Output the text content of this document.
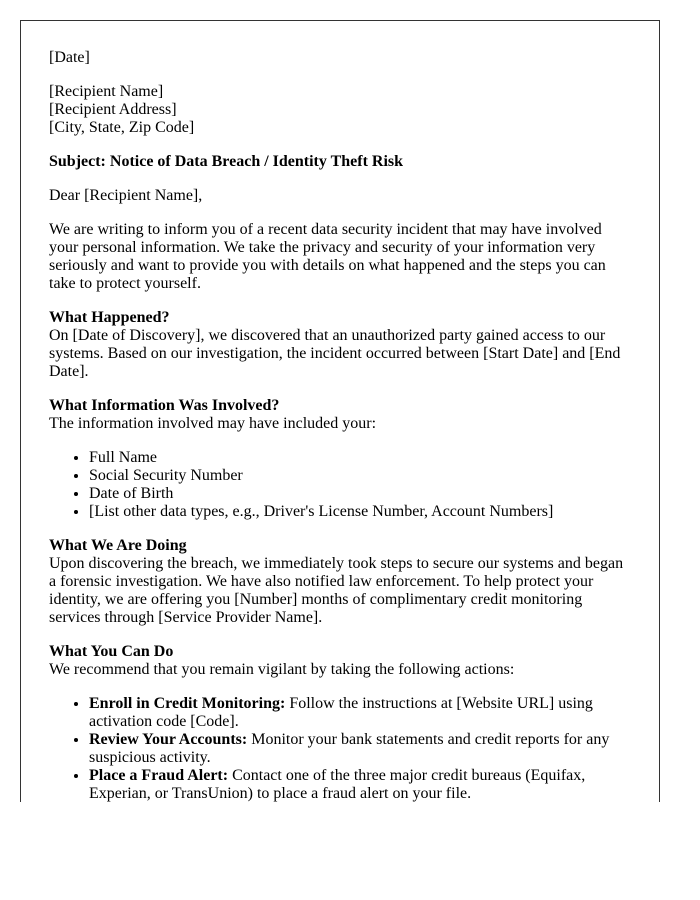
[Date]

[Recipient Name]
[Recipient Address]
[City, State, Zip Code]

Subject: Notice of Data Breach / Identity Theft Risk

Dear [Recipient Name],

We are writing to inform you of a recent data security incident that may have involved your personal information. We take the privacy and security of your information very seriously and want to provide you with details on what happened and the steps you can take to protect yourself.

What Happened?
On [Date of Discovery], we discovered that an unauthorized party gained access to our systems. Based on our investigation, the incident occurred between [Start Date] and [End Date].

What Information Was Involved?
The information involved may have included your:

• Full Name
• Social Security Number
• Date of Birth
• [List other data types, e.g., Driver's License Number, Account Numbers]

What We Are Doing
Upon discovering the breach, we immediately took steps to secure our systems and began a forensic investigation. We have also notified law enforcement. To help protect your identity, we are offering you [Number] months of complimentary credit monitoring services through [Service Provider Name].

What You Can Do
We recommend that you remain vigilant by taking the following actions:

• Enroll in Credit Monitoring: Follow the instructions at [Website URL] using activation code [Code].
• Review Your Accounts: Monitor your bank statements and credit reports for any suspicious activity.
• Place a Fraud Alert: Contact one of the three major credit bureaus (Equifax, Experian, or TransUnion) to place a fraud alert on your file.
